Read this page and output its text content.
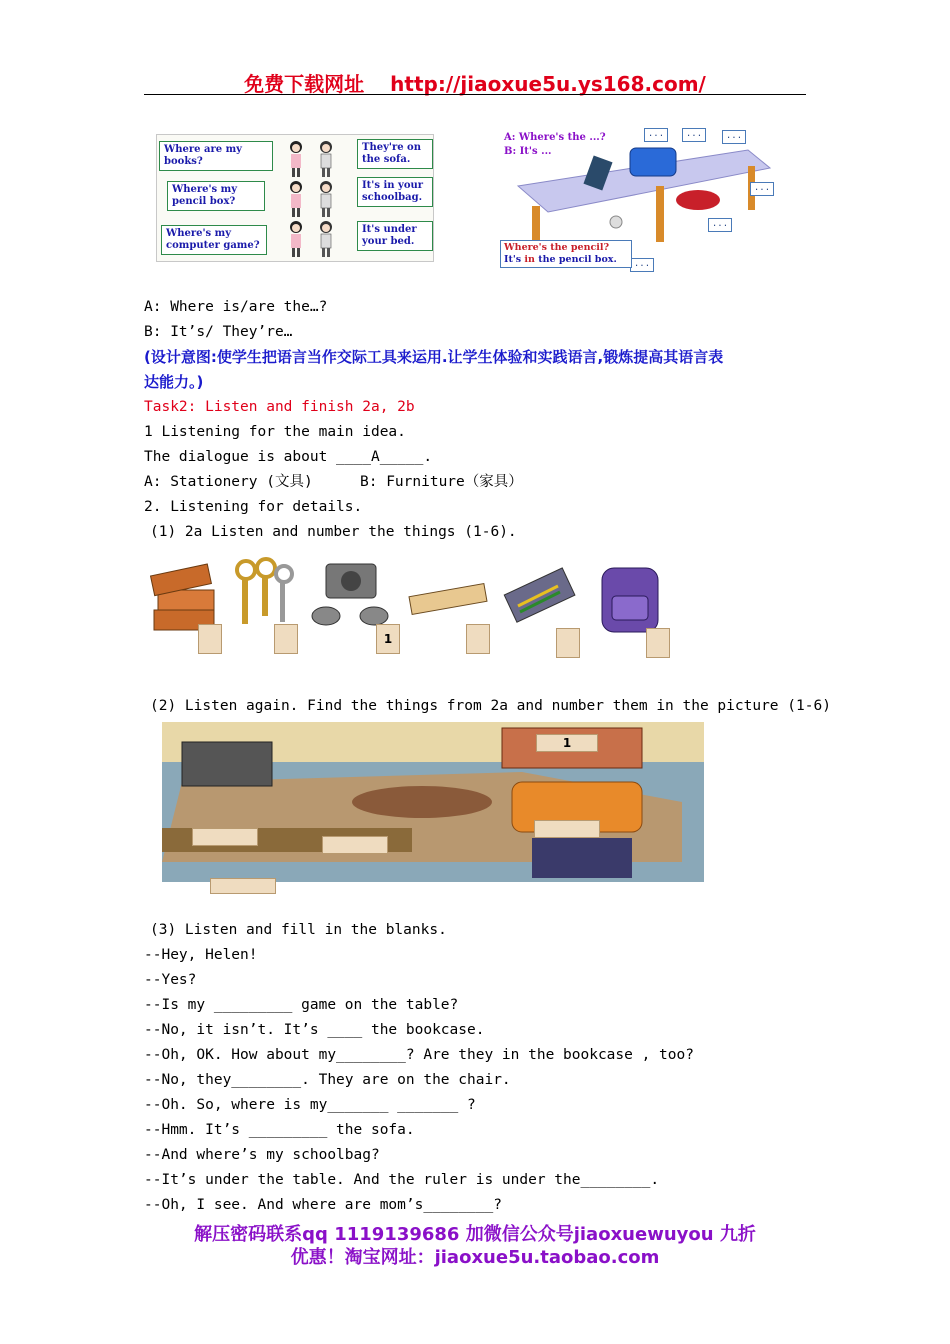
免费下载网址 http://jiaoxue5u.ys168.com/
Where are my books?
Where's my pencil box?
Where's my computer game?
They're on the sofa.
It's in your schoolbag.
It's under your bed.
A: Where's the ...?
B: It's ...
...	...	...
...
...
...
Where's the pencil?
It's in the pencil box.
A: Where is/are the…?
B: It’s/ They’re…
(设计意图:使学生把语言当作交际工具来运用.让学生体验和实践语言,锻炼提高其语言表
达能力。)
Task2: Listen and finish 2a, 2b
1 Listening for the main idea.
The dialogue is about ____A_____.
A: Stationery (文具)	B: Furniture（家具）
2. Listening for details.
(1) 2a Listen and number the things (1-6).
1
(2) Listen again. Find the things from 2a and number them in the picture (1-6)
1
(3) Listen and fill in the blanks.
--Hey, Helen!
--Yes?
--Is my _________ game on the table?
--No, it isn’t. It’s ____ the bookcase.
--Oh, OK. How about my________? Are they in the bookcase , too?
--No, they________. They are on the chair.
--Oh. So, where is my_______ _______ ?
--Hmm. It’s _________ the sofa.
--And where’s my schoolbag?
--It’s under the table. And the ruler is under the________.
--Oh, I see. And where are mom’s________?
解压密码联系qq 1119139686 加微信公众号jiaoxuewuyou 九折
优惠！淘宝网址：jiaoxue5u.taobao.com
